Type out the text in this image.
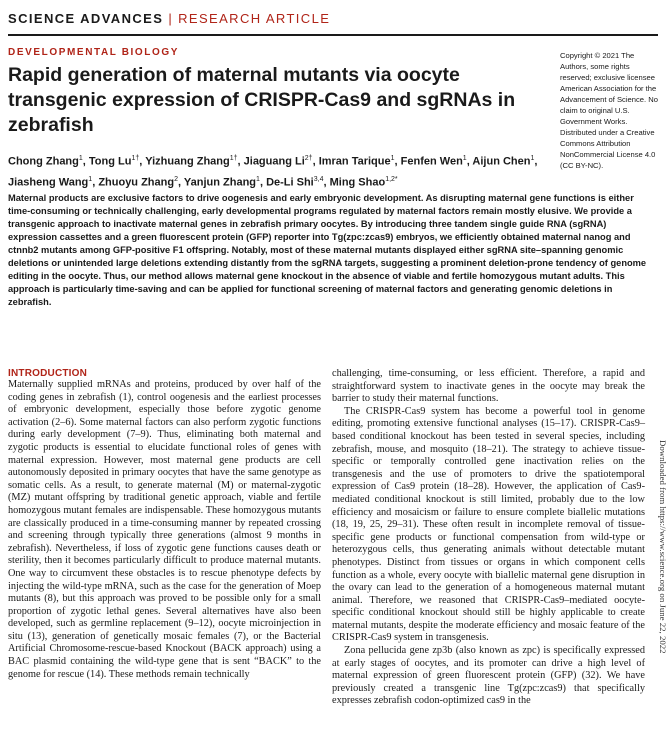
SCIENCE ADVANCES | RESEARCH ARTICLE
DEVELOPMENTAL BIOLOGY
Rapid generation of maternal mutants via oocyte transgenic expression of CRISPR-Cas9 and sgRNAs in zebrafish

Chong Zhang$^1$, Tong Lu$^{1\dagger}$, Yizhuang Zhang$^{1\dagger}$, Jiaguang Li$^{2\dagger}$, Imran Tarique$^1$, Fenfen Wen$^1$, Aijun Chen$^1$, Jiasheng Wang$^1$, Zhuoyu Zhang$^2$, Yanjun Zhang$^1$, De-Li Shi$^{3,4}$, Ming Shao$^{1,2*}$

Copyright © 2021 The Authors, some rights reserved; exclusive licensee American Association for the Advancement of Science. No claim to original U.S. Government Works. Distributed under a Creative Commons Attribution NonCommercial License 4.0 (CC BY-NC).

Maternal products are exclusive factors to drive oogenesis and early embryonic development. As disrupting maternal gene functions is either time-consuming or technically challenging, early developmental programs regulated by maternal factors remain mostly elusive. We provide a transgenic approach to inactivate maternal genes in zebrafish primary oocytes. By introducing three tandem single guide RNA (sgRNA) expression cassettes and a green fluorescent protein (GFP) reporter into Tg(zpc:zcas9) embryos, we efficiently obtained maternal nanog and ctnnb2 mutants among GFP-positive F1 offspring. Notably, most of these maternal mutants displayed either sgRNA site–spanning genomic deletions or unintended large deletions extending distantly from the sgRNA targets, suggesting a prominent deletion-prone tendency of genome editing in the oocyte. Thus, our method allows maternal gene knockout in the absence of viable and fertile homozygous mutant adults. This approach is particularly time-saving and can be applied for functional screening of maternal factors and generating genomic deletions in zebrafish.

INTRODUCTION

Maternally supplied mRNAs and proteins, produced by over half of the coding genes in zebrafish (1), control oogenesis and the earliest processes of embryonic development, especially those before zygotic genome activation (2–6). Some maternal factors can also perform zygotic functions during early development (7–9). Thus, eliminating both maternal and zygotic products is essential to elucidate functional roles of genes with maternal expression. However, most maternal gene products are cell autonomously deposited in primary oocytes that have the same genotype as somatic cells. As a result, to generate maternal (M) or maternal-zygotic (MZ) mutant offspring by traditional genetic approach, viable and fertile homozygous mutant females are indispensable. These homozygous mutants are classically produced in a time-consuming manner by repeated crossing and screening through typically three generations (almost 9 months in zebrafish). Nevertheless, if loss of zygotic gene functions causes death or sterility, then it becomes particularly difficult to produce maternal mutants. One way to circumvent these obstacles is to rescue phenotype defects by injecting the wild-type mRNA, such as the case for the generation of Moep mutants (8), but this approach was proved to be possible only for a small proportion of zygotic lethal genes. Several alternatives have also been developed, such as germline replacement (9–12), oocyte microinjection in situ (13), generation of genetically mosaic females (7), or the Bacterial Artificial Chromosome-rescue-based Knockout (BACK approach) using a BAC plasmid containing the wild-type gene that is sent “BACK” to the genome for rescue (14). These methods remain technically

challenging, time-consuming, or less efficient. Therefore, a rapid and straightforward system to inactivate genes in the oocyte may break the barrier to study their maternal functions.

The CRISPR-Cas9 system has become a powerful tool in genome editing, promoting extensive functional analyses (15–17). CRISPR-Cas9–based conditional knockout has been tested in several species, including zebrafish, mouse, and mosquito (18–21). The strategy to achieve tissue-specific or temporally controlled gene inactivation relies on the transgenesis and the use of promoters to drive the spatiotemporal expression of Cas9 protein (18–28). However, the application of Cas9-mediated conditional knockout is still limited, probably due to the low efficiency and mosaicism or failure to ensure complete biallelic mutations (18, 19, 25, 29–31). These often result in incomplete removal of tissue-specific gene products or functional compensation from wild-type or heterozygous cells, thus generating animals without detectable mutant phenotypes. Distinct from tissues or organs in which component cells function as a whole, every oocyte with biallelic maternal gene disruption in the ovary can lead to the generation of a homogeneous maternal mutant animal. Therefore, we reasoned that CRISPR-Cas9–mediated oocyte-specific conditional knockout should still be highly applicable to create maternal mutants, despite the moderate efficiency and mosaic feature of the CRISPR-Cas9 system in transgenesis.

Zona pellucida gene zp3b (also known as zpc) is specifically expressed at early stages of oocytes, and its promoter can drive a high level of maternal expression of green fluorescent protein (GFP) (32). We have previously created a transgenic line Tg(zpc:zcas9) that specifically expresses zebrafish codon-optimized cas9 in the

Downloaded from https://www.science.org on June 22, 2022
